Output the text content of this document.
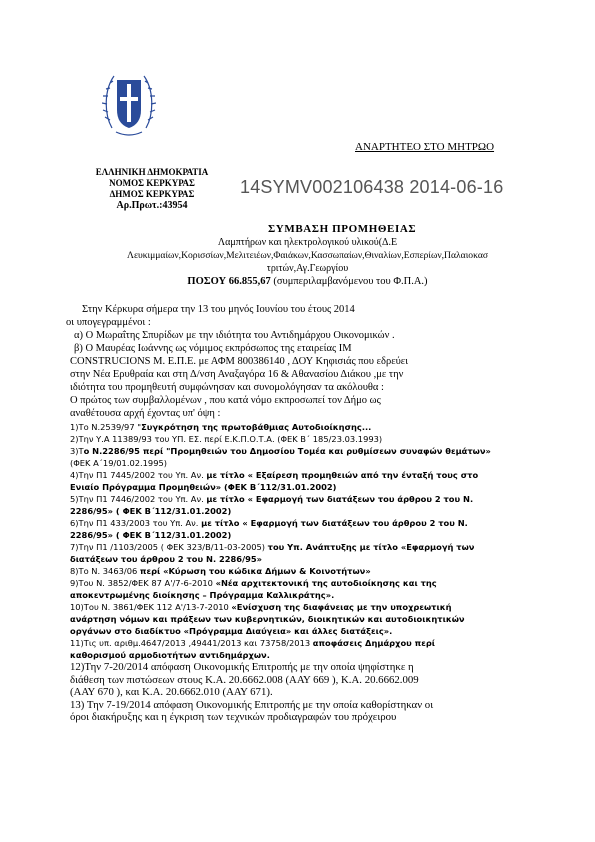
ΑΝΑΡΤΗΤΕΟ ΣΤΟ ΜΗΤΡΩΟ
ΕΛΛΗΝΙΚΗ ΔΗΜΟΚΡΑΤΙΑ
ΝΟΜΟΣ ΚΕΡΚΥΡΑΣ
ΔΗΜΟΣ ΚΕΡΚΥΡΑΣ
Αρ.Πρωτ.:43954
14SYMV002106438 2014-06-16
ΣΥΜΒΑΣΗ ΠΡΟΜΗΘΕΙΑΣ
Λαμπτήρων και ηλεκτρολογικού υλικού(Δ.Ε
Λευκιμμαίων,Κορισσίων,Μελιτειέων,Φαιάκων,Κασσωπαίων,Θιναλίων,Εσπερίων,Παλαιοκασ
τριτών,Αγ.Γεωργίου
ΠΟΣΟΥ 66.855,67 (συμπεριλαμβανόμενου του Φ.Π.Α.)

Στην Κέρκυρα σήμερα την 13 του μηνός Ιουνίου του έτους 2014

οι υπογεγραμμένοι :

α) Ο Μωραΐτης Σπυρίδων με την ιδιότητα του Αντιδημάρχου Οικονομικών .

β) Ο Μαυρέας Ιωάννης ως νόμιμος εκπρόσωπος της εταιρείας ΙΜ

CONSTRUCIONS Μ. Ε.Π.Ε. με ΑΦΜ 800386140 , ΔΟΥ Κηφισιάς που εδρεύει

στην Νέα Ερυθραία και στη Δ/νση Αναξαγόρα 16 & Αθανασίου Διάκου ,με την

ιδιότητα του προμηθευτή συμφώνησαν και συνομολόγησαν τα ακόλουθα :

Ο πρώτος των συμβαλλομένων , που κατά νόμο εκπροσωπεί τον Δήμο ως

αναθέτουσα αρχή έχοντας υπ' όψη :

1)Το Ν.2539/97 "Συγκρότηση της πρωτοβάθμιας Αυτοδιοίκησης...
2)Την Υ.Α 11389/93 του ΥΠ. ΕΣ. περί Ε.Κ.Π.Ο.Τ.Α. (ΦΕΚ Β΄ 185/23.03.1993)
3)Το Ν.2286/95 περί "Προμηθειών του Δημοσίου Τομέα και ρυθμίσεων συναφών θεμάτων»
(ΦΕΚ Α΄19/01.02.1995)
4)Την Π1 7445/2002 του Υπ. Αν. με τίτλο « Εξαίρεση προμηθειών από την ένταξή τους στο
Ενιαίο Πρόγραμμα Προμηθειών» (ΦΕΚ Β΄112/31.01.2002)
5)Την Π1 7446/2002 του Υπ. Αν. με τίτλο « Εφαρμογή των διατάξεων του άρθρου 2 του Ν.
2286/95» ( ΦΕΚ Β΄112/31.01.2002)
6)Την Π1 433/2003 του Υπ. Αν. με τίτλο « Εφαρμογή των διατάξεων του άρθρου 2 του Ν.
2286/95» ( ΦΕΚ Β΄112/31.01.2002)
7)Την Π1 /1103/2005 ( ΦΕΚ 323/Β/11-03-2005) του Υπ. Ανάπτυξης με τίτλο «Εφαρμογή των
διατάξεων του άρθρου 2 του Ν. 2286/95»
8)Το Ν. 3463/06 περί «Κύρωση του κώδικα Δήμων & Κοινοτήτων»
9)Του Ν. 3852/ΦΕΚ 87 Α'/7-6-2010 «Νέα αρχιτεκτονική της αυτοδιοίκησης και της
αποκεντρωμένης διοίκησης – Πρόγραμμα Καλλικράτης».
10)Του Ν. 3861/ΦΕΚ 112 Α'/13-7-2010 «Ενίσχυση της διαφάνειας με την υποχρεωτική
ανάρτηση νόμων και πράξεων των κυβερνητικών, διοικητικών και αυτοδιοικητικών
οργάνων στο διαδίκτυο «Πρόγραμμα Διαύγεια» και άλλες διατάξεις».
11)Τις υπ. αριθμ.4647/2013 ,49441/2013 και 73758/2013 αποφάσεις Δημάρχου περί
καθορισμού αρμοδιοτήτων αντιδημάρχων.

12)Την 7-20/2014 απόφαση Οικονομικής Επιτροπής με την οποία ψηφίστηκε η

διάθεση των πιστώσεων στους Κ.Α. 20.6662.008 (ΑΑΥ 669 ), Κ.Α. 20.6662.009

(ΑΑΥ 670 ), και Κ.Α. 20.6662.010 (ΑΑΥ 671).

13) Την 7-19/2014 απόφαση Οικονομικής Επιτροπής με την οποία καθορίστηκαν οι

όροι διακήρυξης και η έγκριση των τεχνικών προδιαγραφών του πρόχειρου
